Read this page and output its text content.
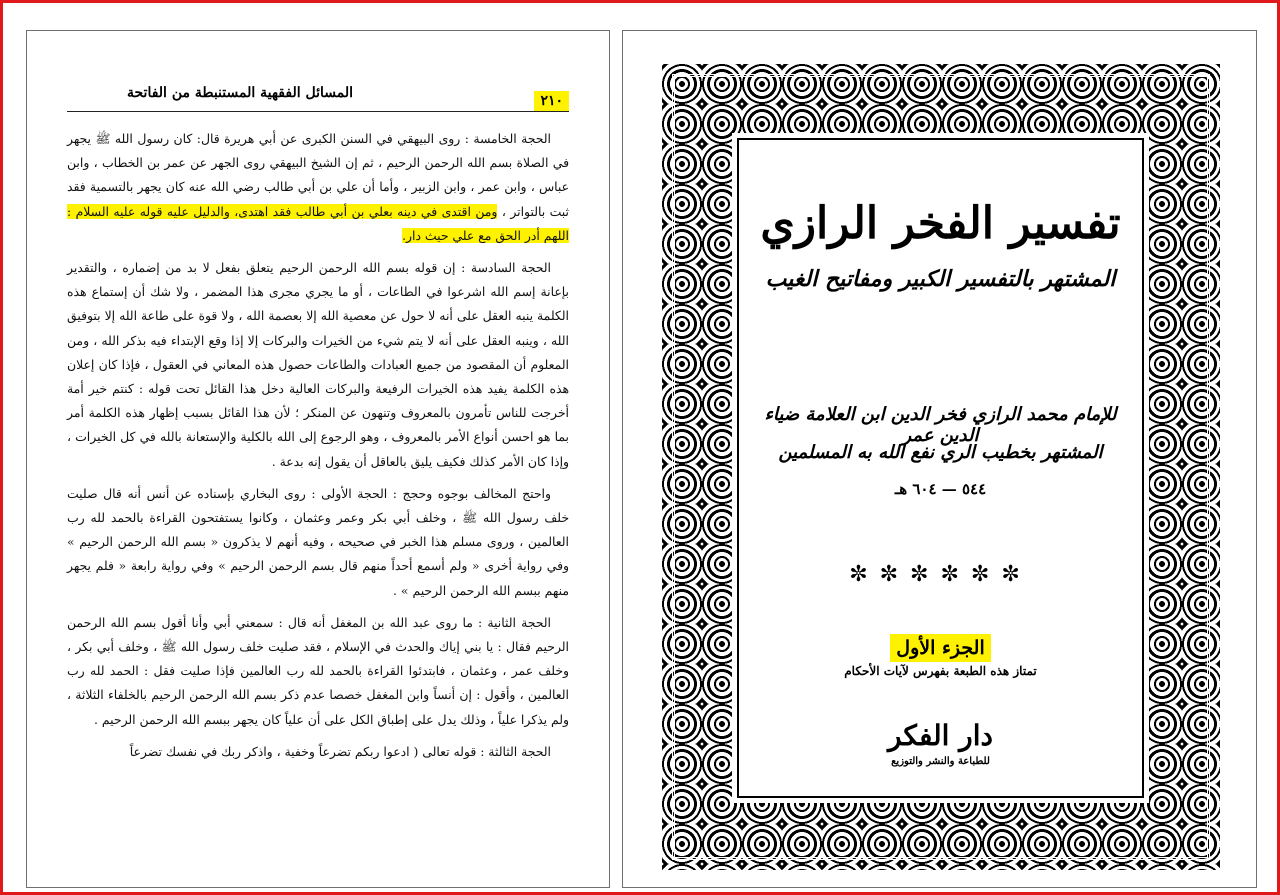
٢١٠
المسائل الفقهية المستنبطة من الفاتحة

الحجة الخامسة : روى البيهقي في السنن الكبرى عن أبي هريرة قال: كان رسول الله ﷺ يجهر في الصلاة بسم الله الرحمن الرحيم ، ثم إن الشيخ البيهقي روى الجهر عن عمر بن الخطاب ، وابن عباس ، وابن عمر ، وابن الزبير ، وأما أن علي بن أبي طالب رضي الله عنه كان يجهر بالتسمية فقد ثبت بالتواتر ، ومن اقتدى في دينه بعلي بن أبي طالب فقد اهتدى، والدليل عليه قوله عليه السلام : اللهم أدر الحق مع علي حيث دار.

الحجة السادسة : إن قوله بسم الله الرحمن الرحيم يتعلق بفعل لا بد من إضماره ، والتقدير بإعانة إسم الله اشرعوا في الطاعات ، أو ما يجري مجرى هذا المضمر ، ولا شك أن إستماع هذه الكلمة ينبه العقل على أنه لا حول عن معصية الله إلا بعصمة الله ، ولا قوة على طاعة الله إلا بتوفيق الله ، وينبه العقل على أنه لا يتم شيء من الخيرات والبركات إلا إذا وقع الإبتداء فيه بذكر الله ، ومن المعلوم أن المقصود من جميع العبادات والطاعات حصول هذه المعاني في العقول ، فإذا كان إعلان هذه الكلمة يفيد هذه الخيرات الرفيعة والبركات العالية دخل هذا القائل تحت قوله : كنتم خير أمة أخرجت للناس تأمرون بالمعروف وتنهون عن المنكر ؛ لأن هذا القائل بسبب إظهار هذه الكلمة أمر بما هو احسن أنواع الأمر بالمعروف ، وهو الرجوع إلى الله بالكلية والإستعانة بالله في كل الخيرات ، وإذا كان الأمر كذلك فكيف يليق بالعاقل أن يقول إنه بدعة .

واحتج المخالف بوجوه وحجج : الحجة الأولى : روى البخاري بإسناده عن أنس أنه قال صليت خلف رسول الله ﷺ ، وخلف أبي بكر وعمر وعثمان ، وكانوا يستفتحون القراءة بالحمد لله رب العالمين ، وروى مسلم هذا الخبر في صحيحه ، وفيه أنهم لا يذكرون « بسم الله الرحمن الرحيم » وفي رواية أخرى « ولم أسمع أحداً منهم قال بسم الرحمن الرحيم » وفي رواية رابعة « فلم يجهر منهم ببسم الله الرحمن الرحيم » .

الحجة الثانية : ما روى عبد الله بن المغفل أنه قال : سمعني أبي وأنا أقول بسم الله الرحمن الرحيم فقال : يا بني إياك والحدث في الإسلام ، فقد صليت خلف رسول الله ﷺ ، وخلف أبي بكر ، وخلف عمر ، وعثمان ، فابتدئوا القراءة بالحمد لله رب العالمين فإذا صليت فقل : الحمد لله رب العالمين ، وأقول : إن أنساً وابن المغفل خصصا عدم ذكر بسم الله الرحمن الرحيم بالخلفاء الثلاثة ، ولم يذكرا علياً ، وذلك يدل على إطباق الكل على أن علياً كان يجهر ببسم الله الرحمن الرحيم .

الحجة الثالثة : قوله تعالى ( ادعوا ربكم تضرعاً وخفية ، واذكر ربك في نفسك تضرعاً

تفسير الفخر الرازي
المشتهر بالتفسير الكبير ومفاتيح الغيب
للإمام محمد الرازي فخر الدين ابن العلامة ضياء الدين عمر
المشتهر بخطيب الري نفع الله به المسلمين
٥٤٤ — ٦٠٤ هـ
✼✼✼✼✼✼
الجزء الأول
تمتاز هذه الطبعة بفهرس لآيات الأحكام
دار الفكر
للطباعة والنشر والتوزيع
